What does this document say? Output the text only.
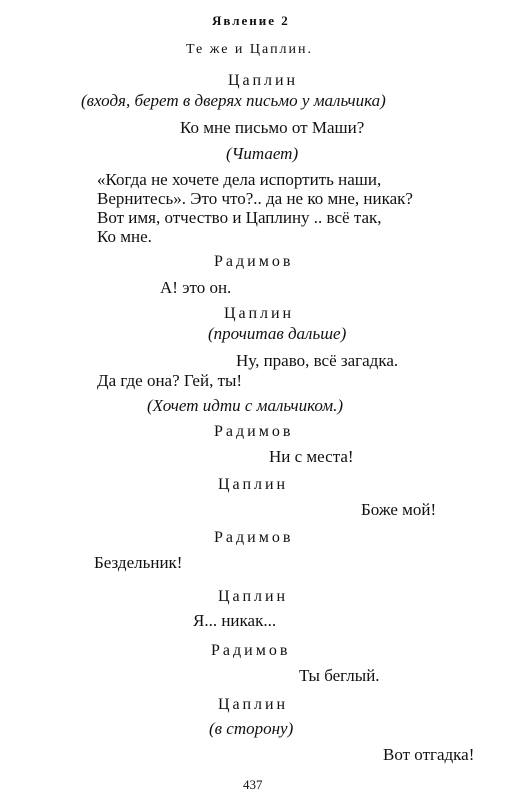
Явление 2
Те же и Цаплин.
Цаплин
(входя, берет в дверях письмо у мальчика)
Ко мне письмо от Маши?
(Читает)
«Когда не хочете дела испортить наши,
Вернитесь». Это что?.. да не ко мне, никак?
Вот имя, отчество и Цаплину .. всё так,
Ко мне.
Радимов
А! это он.
Цаплин
(прочитав дальше)
Ну, право, всё загадка.
Да где она? Гей, ты!
(Хочет идти с мальчиком.)
Радимов
Ни с места!
Цаплин
Боже мой!
Радимов
Бездельник!
Цаплин
Я... никак...
Радимов
Ты беглый.
Цаплин
(в сторону)
Вот отгадка!
437
